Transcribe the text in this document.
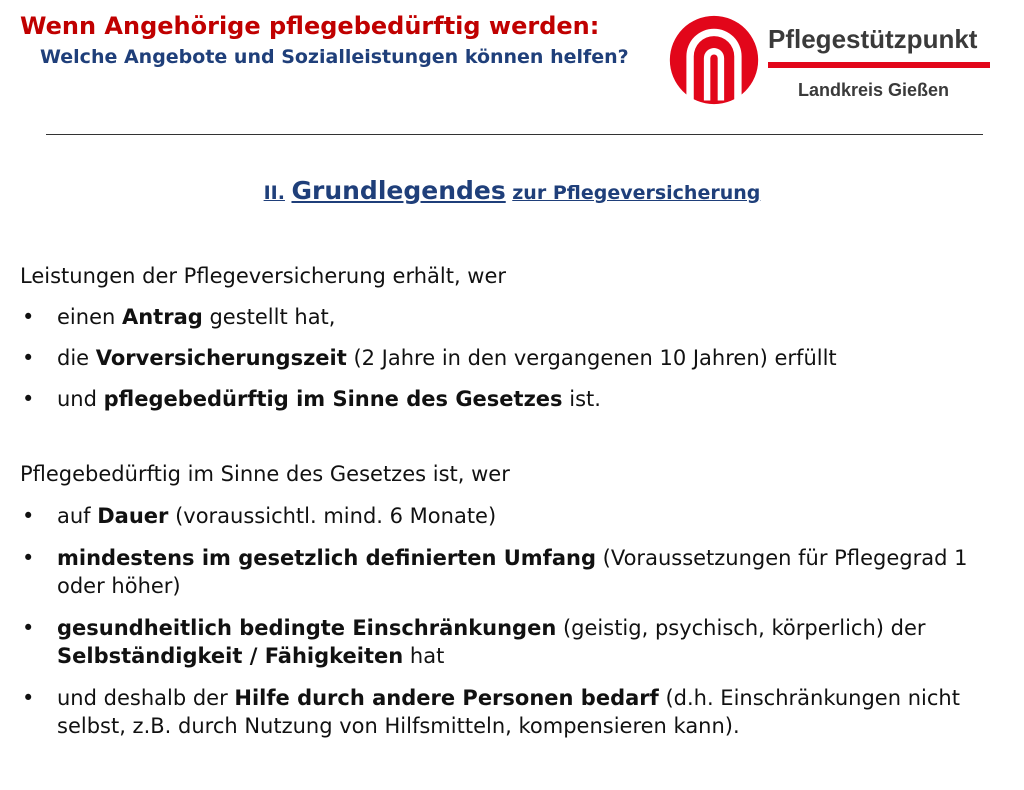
Wenn Angehörige pflegebedürftig werden:
Welche Angebote und Sozialleistungen können helfen?

Pflegestützpunkt

Landkreis Gießen

II. Grundlegendes zur Pflegeversicherung

Leistungen der Pflegeversicherung erhält, wer

• einen Antrag gestellt hat,
• die Vorversicherungszeit (2 Jahre in den vergangenen 10 Jahren) erfüllt
• und pflegebedürftig im Sinne des Gesetzes ist.

Pflegebedürftig im Sinne des Gesetzes ist, wer

• auf Dauer (voraussichtl. mind. 6 Monate)
• mindestens im gesetzlich definierten Umfang (Voraussetzungen für Pflegegrad 1 oder höher)
• gesundheitlich bedingte Einschränkungen (geistig, psychisch, körperlich) der Selbständigkeit / Fähigkeiten hat
• und deshalb der Hilfe durch andere Personen bedarf (d.h. Einschränkungen nicht selbst, z.B. durch Nutzung von Hilfsmitteln, kompensieren kann).
